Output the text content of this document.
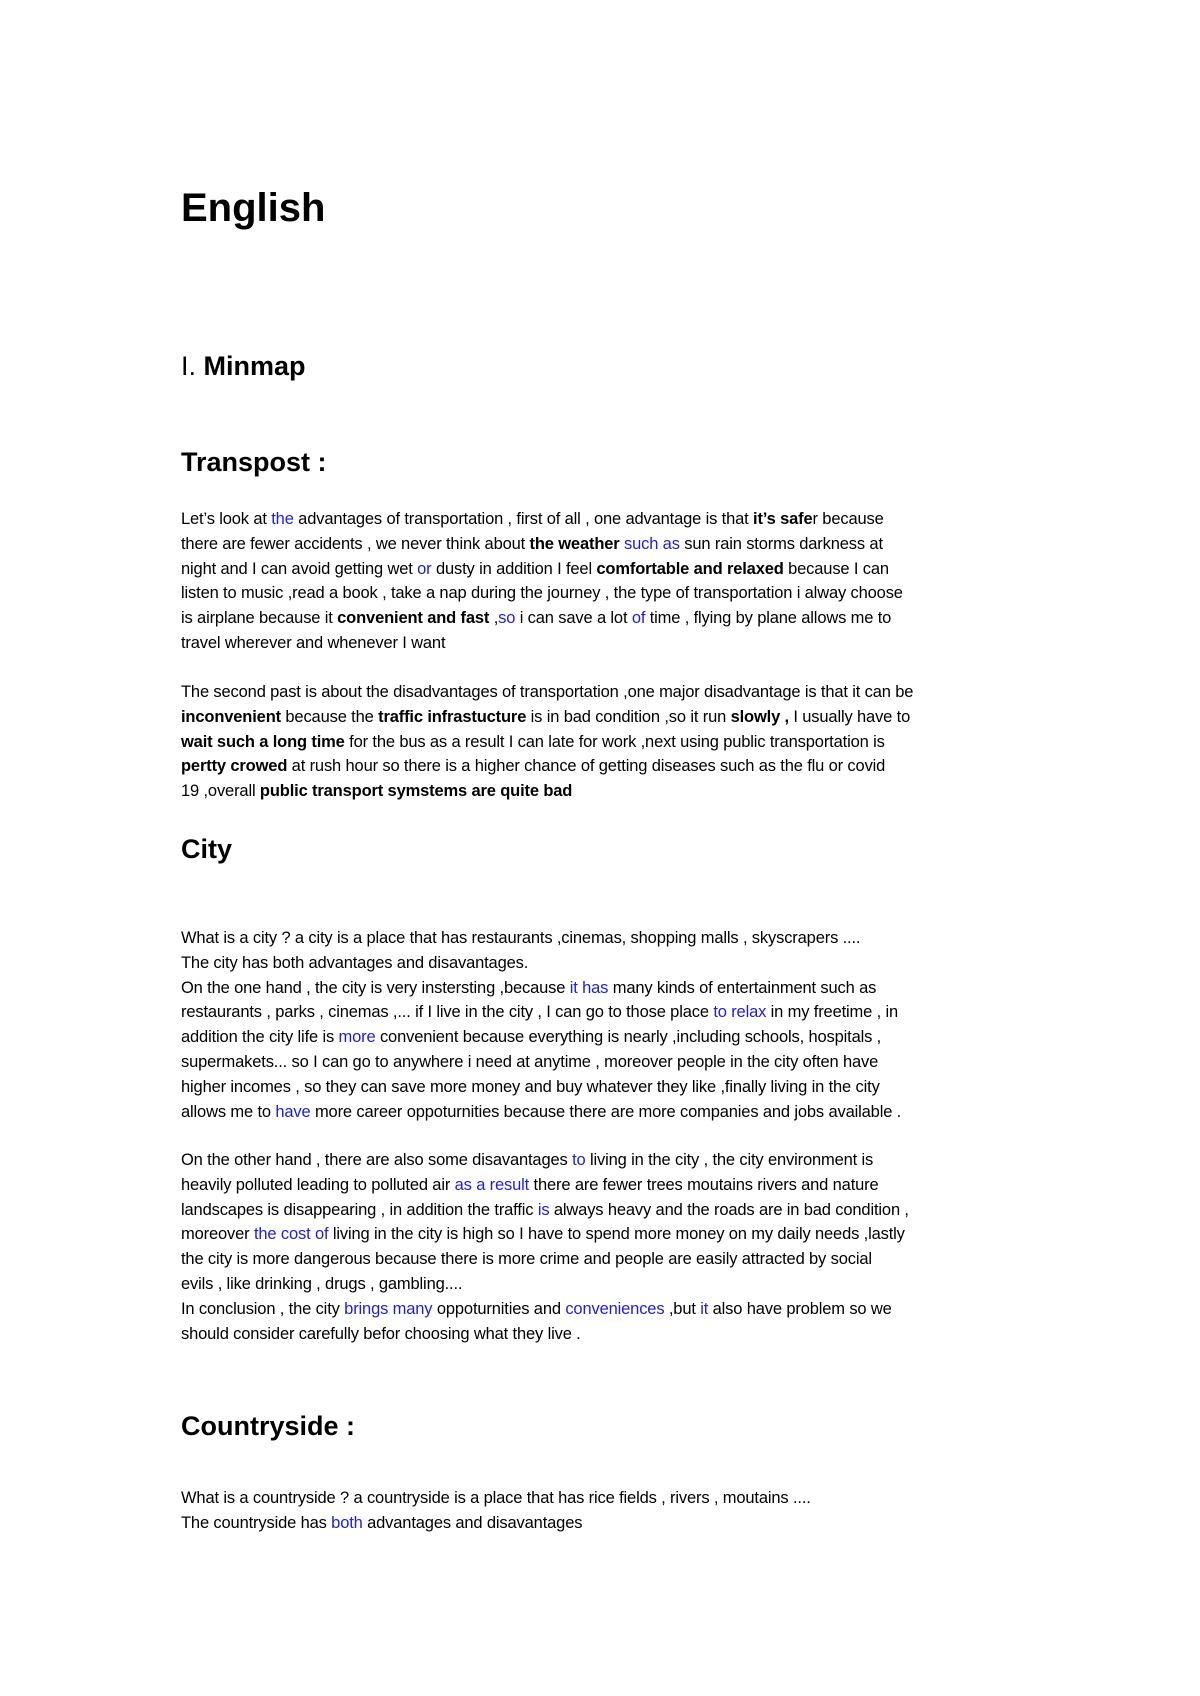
English
I. Minmap
Transpost :
Let’s look at the advantages of transportation , first of all , one advantage is that it’s safer because
there are fewer accidents , we never think about the weather such as sun rain storms darkness at
night and I can avoid getting wet or dusty in addition I feel comfortable and relaxed because I can
listen to music ,read a book , take a nap during the journey , the type of transportation i alway choose
is airplane because it convenient and fast ,so i can save a lot of time , flying by plane allows me to
travel wherever and whenever I want
The second past is about the disadvantages of transportation ,one major disadvantage is that it can be
inconvenient because the traffic infrastucture is in bad condition ,so it run slowly , I usually have to
wait such a long time for the bus as a result I can late for work ,next using public transportation is
pertty crowed at rush hour so there is a higher chance of getting diseases such as the flu or covid
19 ,overall public transport symstems are quite bad
City
What is a city ? a city is a place that has restaurants ,cinemas, shopping malls , skyscrapers ....
The city has both advantages and disavantages.
On the one hand , the city is very instersting ,because it has many kinds of entertainment such as
restaurants , parks , cinemas ,... if I live in the city , I can go to those place to relax in my freetime , in
addition the city life is more convenient because everything is nearly ,including schools, hospitals ,
supermakets... so I can go to anywhere i need at anytime , moreover people in the city often have
higher incomes , so they can save more money and buy whatever they like ,finally living in the city
allows me to have more career oppoturnities because there are more companies and jobs available .
On the other hand , there are also some disavantages to living in the city , the city environment is
heavily polluted leading to polluted air as a result there are fewer trees moutains rivers and nature
landscapes is disappearing , in addition the traffic is always heavy and the roads are in bad condition ,
moreover the cost of living in the city is high so I have to spend more money on my daily needs ,lastly
the city is more dangerous because there is more crime and people are easily attracted by social
evils , like drinking , drugs , gambling....
In conclusion , the city brings many oppoturnities and conveniences ,but it also have problem so we
should consider carefully befor choosing what they live .
Countryside :
What is a countryside ? a countryside is a place that has rice fields , rivers , moutains ....
The countryside has both advantages and disavantages
